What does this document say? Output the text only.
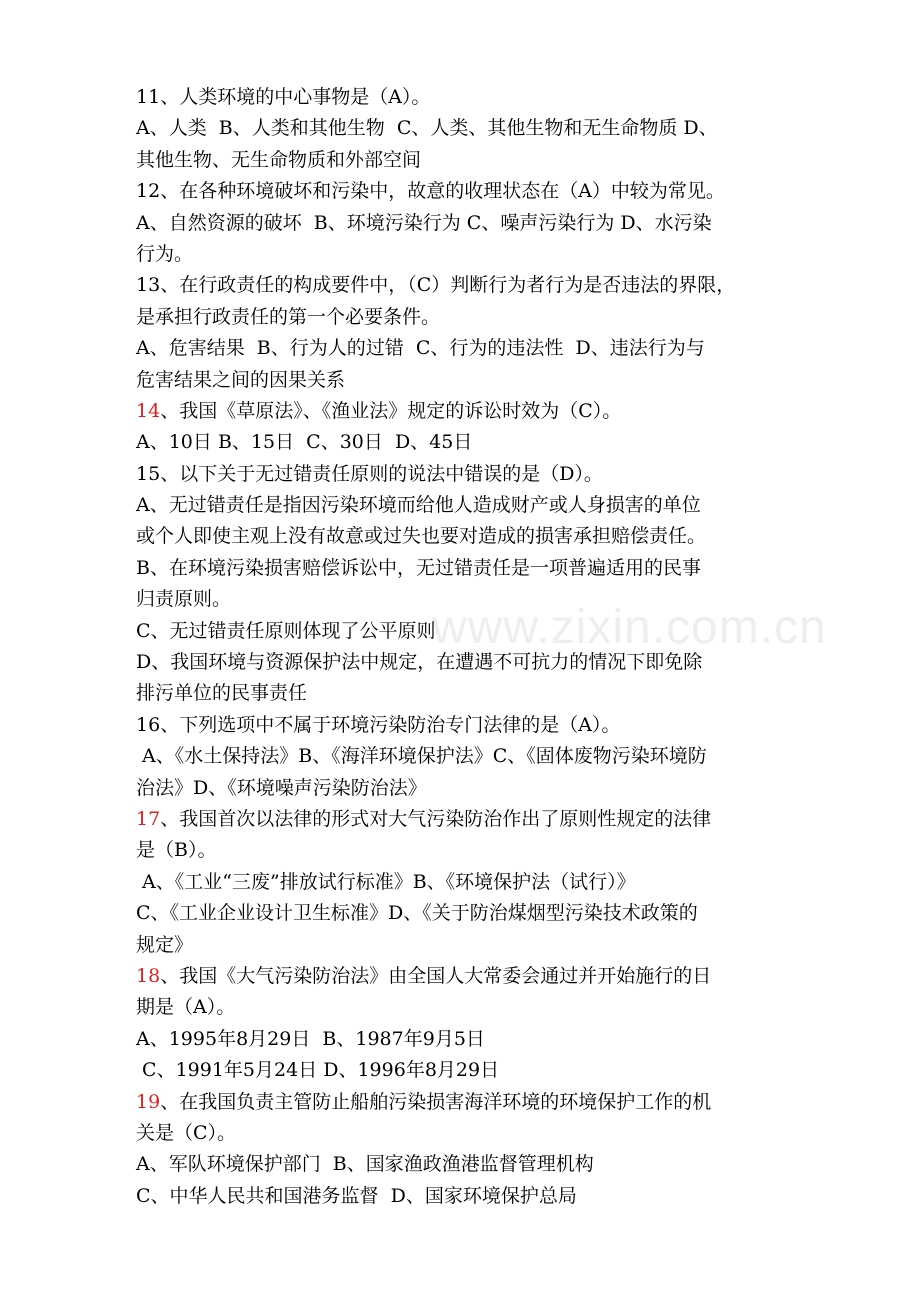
www.zixin.com.cn
11、人类环境的中心事物是（A）。
A、人类  B、人类和其他生物  C、人类、其他生物和无生命物质 D、
其他生物、无生命物质和外部空间
12、在各种环境破坏和污染中，故意的收理状态在（A）中较为常见。
A、自然资源的破坏  B、环境污染行为 C、噪声污染行为 D、水污染
行为。
13、在行政责任的构成要件中，（C）判断行为者行为是否违法的界限，
是承担行政责任的第一个必要条件。
A、危害结果  B、行为人的过错  C、行为的违法性  D、违法行为与
危害结果之间的因果关系
14、我国《草原法》、《渔业法》规定的诉讼时效为（C）。
A、10日 B、15日  C、30日  D、45日
15、以下关于无过错责任原则的说法中错误的是（D）。
A、无过错责任是指因污染环境而给他人造成财产或人身损害的单位
或个人即使主观上没有故意或过失也要对造成的损害承担赔偿责任。
B、在环境污染损害赔偿诉讼中，无过错责任是一项普遍适用的民事
归责原则。
C、无过错责任原则体现了公平原则
D、我国环境与资源保护法中规定，在遭遇不可抗力的情况下即免除
排污单位的民事责任
16、下列选项中不属于环境污染防治专门法律的是（A）。
A、《水土保持法》B、《海洋环境保护法》C、《固体废物污染环境防
治法》D、《环境噪声污染防治法》
17、我国首次以法律的形式对大气污染防治作出了原则性规定的法律
是（B）。
A、《工业“三废”排放试行标准》B、《环境保护法（试行）》
C、《工业企业设计卫生标准》D、《关于防治煤烟型污染技术政策的
规定》
18、我国《大气污染防治法》由全国人大常委会通过并开始施行的日
期是（A）。
A、1995年8月29日  B、1987年9月5日
C、1991年5月24日 D、1996年8月29日
19、在我国负责主管防止船舶污染损害海洋环境的环境保护工作的机
关是（C）。
A、军队环境保护部门  B、国家渔政渔港监督管理机构
C、中华人民共和国港务监督  D、国家环境保护总局
